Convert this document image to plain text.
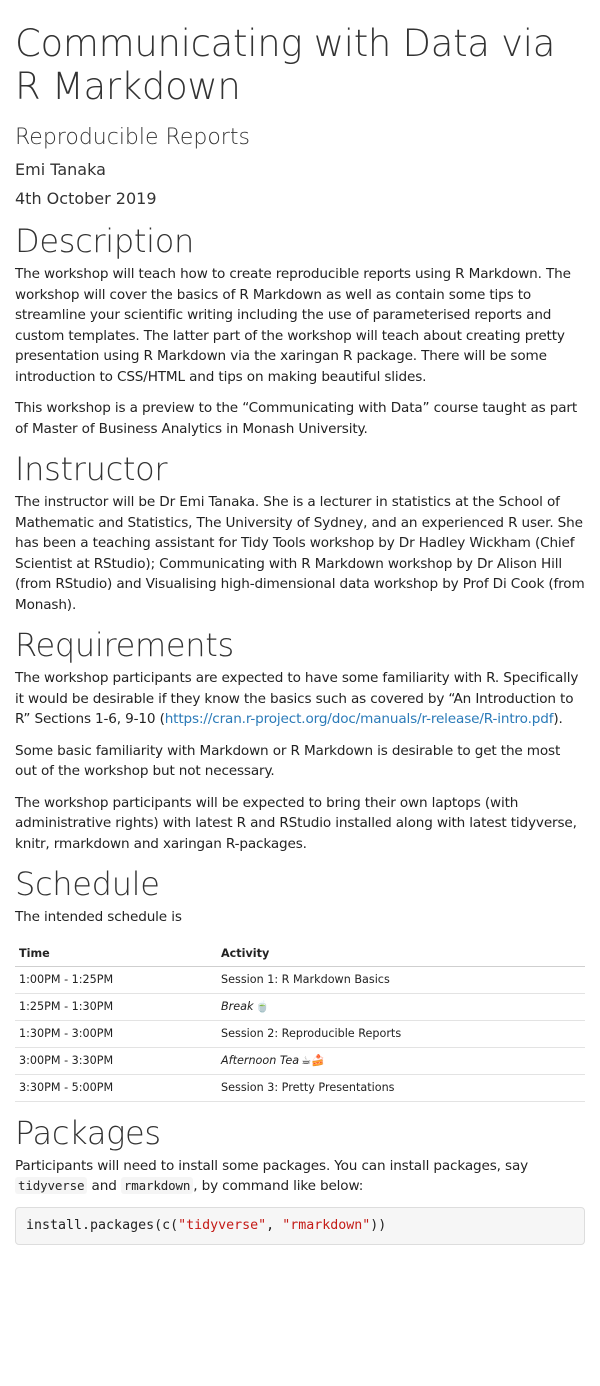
Communicating with Data via R Markdown
Reproducible Reports
Emi Tanaka
4th October 2019
Description

The workshop will teach how to create reproducible reports using R Markdown. The workshop will cover the basics of R Markdown as well as contain some tips to streamline your scientific writing including the use of parameterised reports and custom templates. The latter part of the workshop will teach about creating pretty presentation using R Markdown via the xaringan R package. There will be some introduction to CSS/HTML and tips on making beautiful slides.

This workshop is a preview to the “Communicating with Data” course taught as part of Master of Business Analytics in Monash University.

Instructor

The instructor will be Dr Emi Tanaka. She is a lecturer in statistics at the School of Mathematic and Statistics, The University of Sydney, and an experienced R user. She has been a teaching assistant for Tidy Tools workshop by Dr Hadley Wickham (Chief Scientist at RStudio); Communicating with R Markdown workshop by Dr Alison Hill (from RStudio) and Visualising high-dimensional data workshop by Prof Di Cook (from Monash).

Requirements

The workshop participants are expected to have some familiarity with R. Specifically it would be desirable if they know the basics such as covered by “An Introduction to R” Sections 1-6, 9-10 (https://cran.r-project.org/doc/manuals/r-release/R-intro.pdf).

Some basic familiarity with Markdown or R Markdown is desirable to get the most out of the workshop but not necessary.

The workshop participants will be expected to bring their own laptops (with administrative rights) with latest R and RStudio installed along with latest tidyverse, knitr, rmarkdown and xaringan R-packages.

Schedule

The intended schedule is

Time	Activity
1:00PM - 1:25PM	Session 1: R Markdown Basics
1:25PM - 1:30PM	Break 🍵
1:30PM - 3:00PM	Session 2: Reproducible Reports
3:00PM - 3:30PM	Afternoon Tea ☕🍰
3:30PM - 5:00PM	Session 3: Pretty Presentations
Packages

Participants will need to install some packages. You can install packages, say tidyverse and rmarkdown , by command like below:

install.packages(c("tidyverse", "rmarkdown"))
